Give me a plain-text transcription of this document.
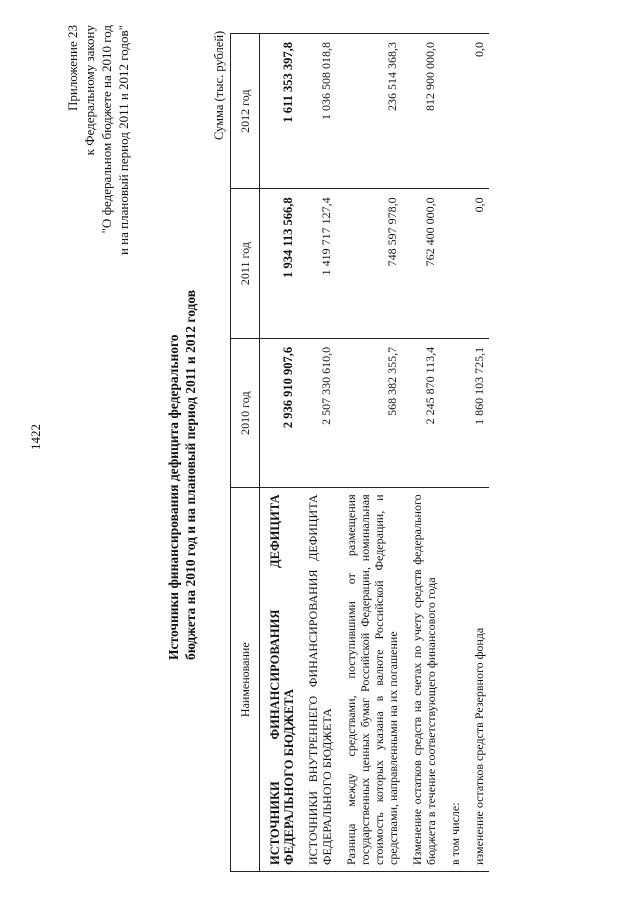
1422
Приложение 23 к Федеральному закону "О федеральном бюджете на 2010 год и на плановый период 2011 и 2012 годов"
Источники финансирования дефицита федерального бюджета на 2010 год и на плановый период 2011 и 2012 годов
Сумма (тыс. рублей)
Наименование	2010 год	2011 год	2012 год
ИСТОЧНИКИ ФИНАНСИРОВАНИЯ ДЕФИЦИТА ФЕДЕРАЛЬНОГО БЮДЖЕТА	2 936 910 907,6	1 934 113 566,8	1 611 353 397,8
ИСТОЧНИКИ ВНУТРЕННЕГО ФИНАНСИРОВАНИЯ ДЕФИЦИТА ФЕДЕРАЛЬНОГО БЮДЖЕТА	2 507 330 610,0	1 419 717 127,4	1 036 508 018,8
Разница между средствами, поступившими от размещения государственных ценных бумаг Российской Федерации, номинальная стоимость которых указана в валюте Российской Федерации, и средствами, направленными на их погашение	568 382 355,7	748 597 978,0	236 514 368,3
Изменение остатков средств на счетах по учету средств федерального бюджета в течение соответствующего финансового года	2 245 870 113,4	762 400 000,0	812 900 000,0
в том числе:			
изменение остатков средств Резервного фонда	1 860 103 725,1	0,0	0,0
